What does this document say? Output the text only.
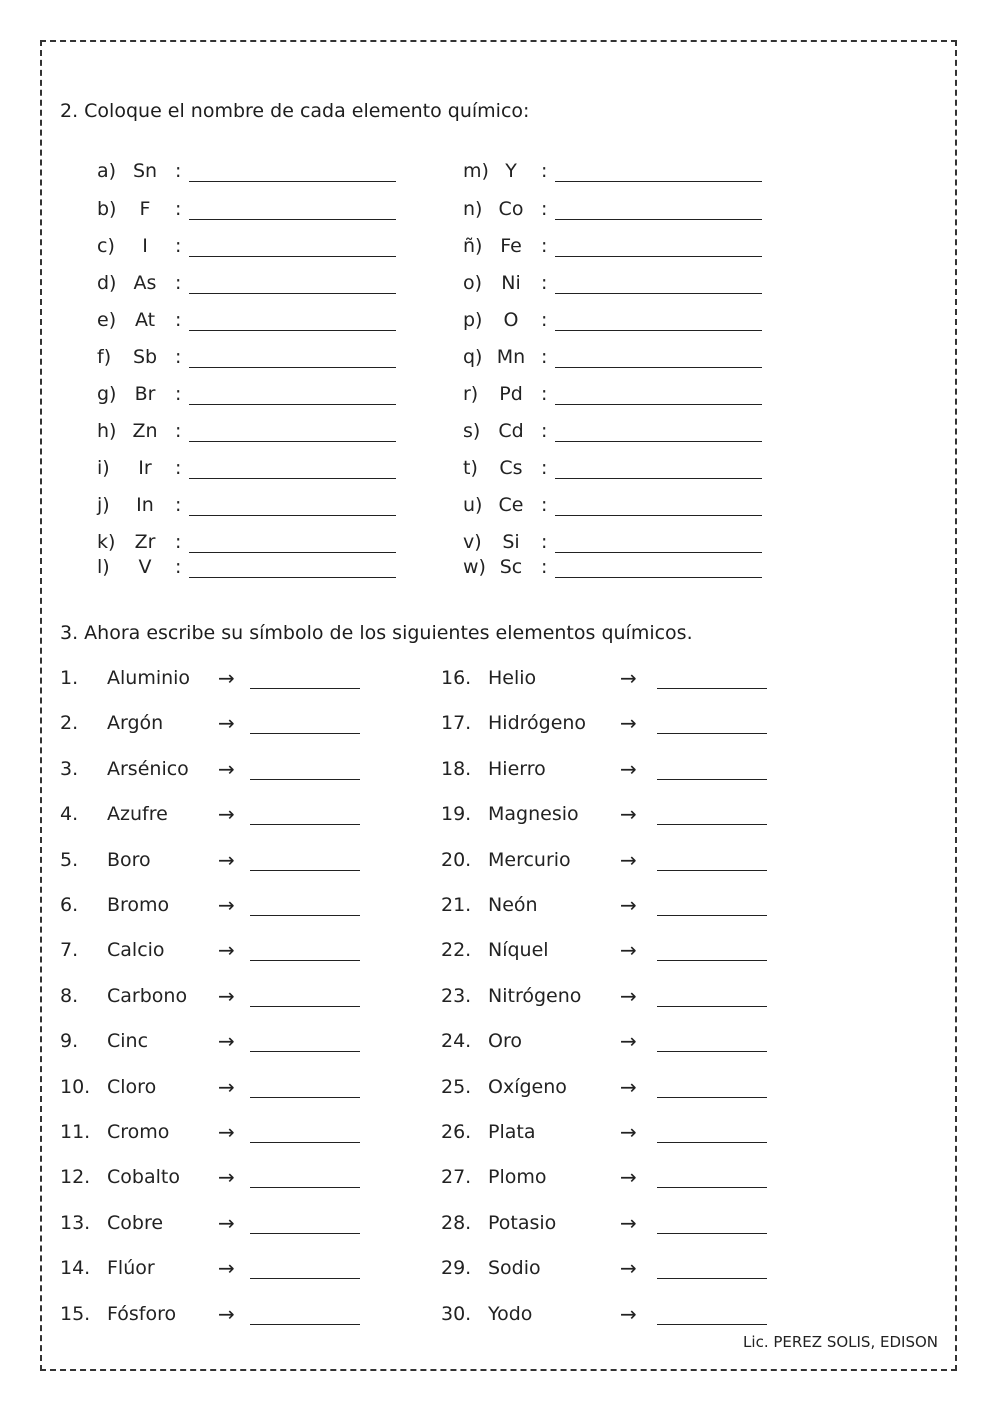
2. Coloque el nombre de cada elemento químico:
a) Sn :
b)	F	:
c)	I	:
d) As :
e) At	:
f) Sb :
g) Br :
h) Zn :
i)	Ir	:
j)	In	:
k) Zr :
l)	V	:
m) Y	:
n) Co :
ñ) Fe :
o)	Ni	:
p)	O	:
q) Mn :
r) Pd :
s) Cd :
t) Cs :
u) Ce :
v)	Si	:
w) Sc :
3. Ahora escribe su símbolo de los siguientes elementos químicos.
1. Aluminio →
2. Argón	→
3. Arsénico →
4. Azufre	→
5. Boro	→
6. Bromo →
7. Calcio	→
8. Carbono →
9. Cinc	→
10. Cloro	→
11. Cromo →
12. Cobalto →
13. Cobre	→
14. Flúor	→
15. Fósforo →
16. Helio	→
17. Hidrógeno →
18. Hierro	→
19. Magnesio →
20. Mercurio →
21. Neón	→
22. Níquel	→
23. Nitrógeno →
24. Oro	→
25. Oxígeno	→
26. Plata	→
27. Plomo	→
28. Potasio	→
29. Sodio	→
30. Yodo	→
Lic. PEREZ SOLIS, EDISON
